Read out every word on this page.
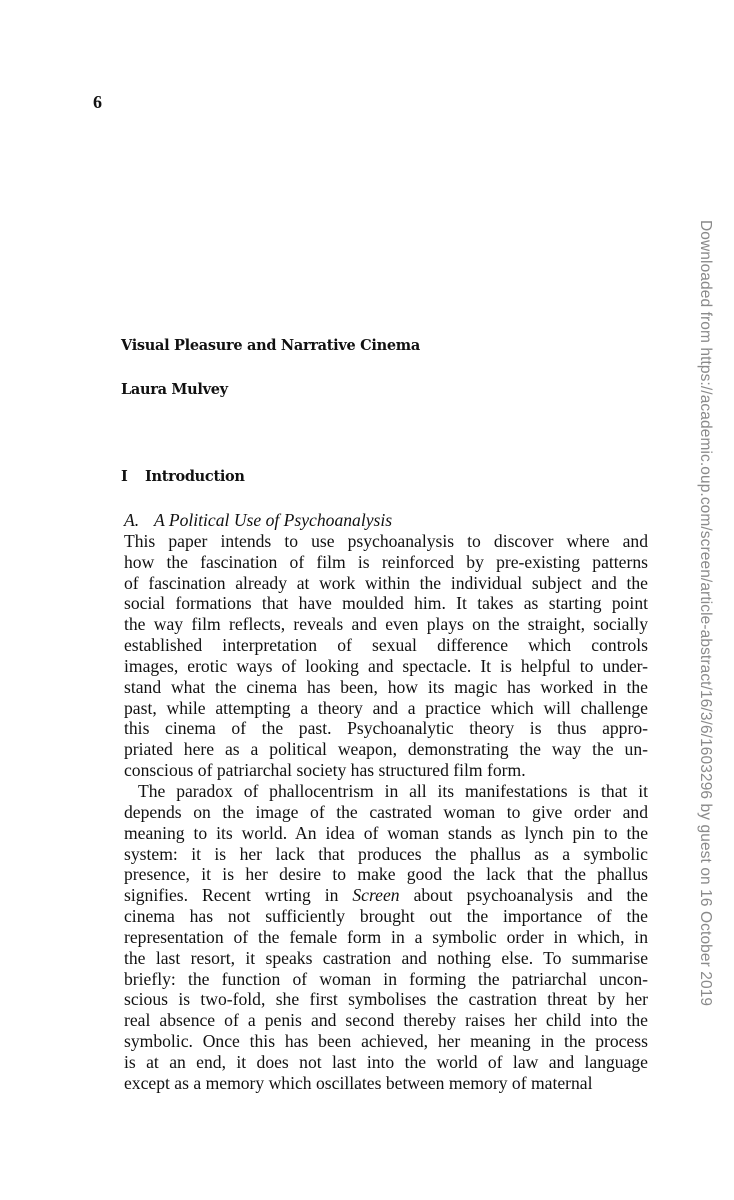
6
Visual Pleasure and Narrative Cinema
Laura Mulvey
I Introduction
A. A Political Use of Psychoanalysis
This paper intends to use psychoanalysis to discover where and
how the fascination of film is reinforced by pre-existing patterns
of fascination already at work within the individual subject and the
social formations that have moulded him. It takes as starting point
the way film reflects, reveals and even plays on the straight, socially
established interpretation of sexual difference which controls
images, erotic ways of looking and spectacle. It is helpful to under-
stand what the cinema has been, how its magic has worked in the
past, while attempting a theory and a practice which will challenge
this cinema of the past. Psychoanalytic theory is thus appro-
priated here as a political weapon, demonstrating the way the un-
conscious of patriarchal society has structured film form.
The paradox of phallocentrism in all its manifestations is that it
depends on the image of the castrated woman to give order and
meaning to its world. An idea of woman stands as lynch pin to the
system: it is her lack that produces the phallus as a symbolic
presence, it is her desire to make good the lack that the phallus
signifies. Recent wrting in Screen about psychoanalysis and the
cinema has not sufficiently brought out the importance of the
representation of the female form in a symbolic order in which, in
the last resort, it speaks castration and nothing else. To summarise
briefly: the function of woman in forming the patriarchal uncon-
scious is two-fold, she first symbolises the castration threat by her
real absence of a penis and second thereby raises her child into the
symbolic. Once this has been achieved, her meaning in the process
is at an end, it does not last into the world of law and language
except as a memory which oscillates between memory of maternal
Downloaded from https://academic.oup.com/screen/article-abstract/16/3/6/1603296 by guest on 16 October 2019
